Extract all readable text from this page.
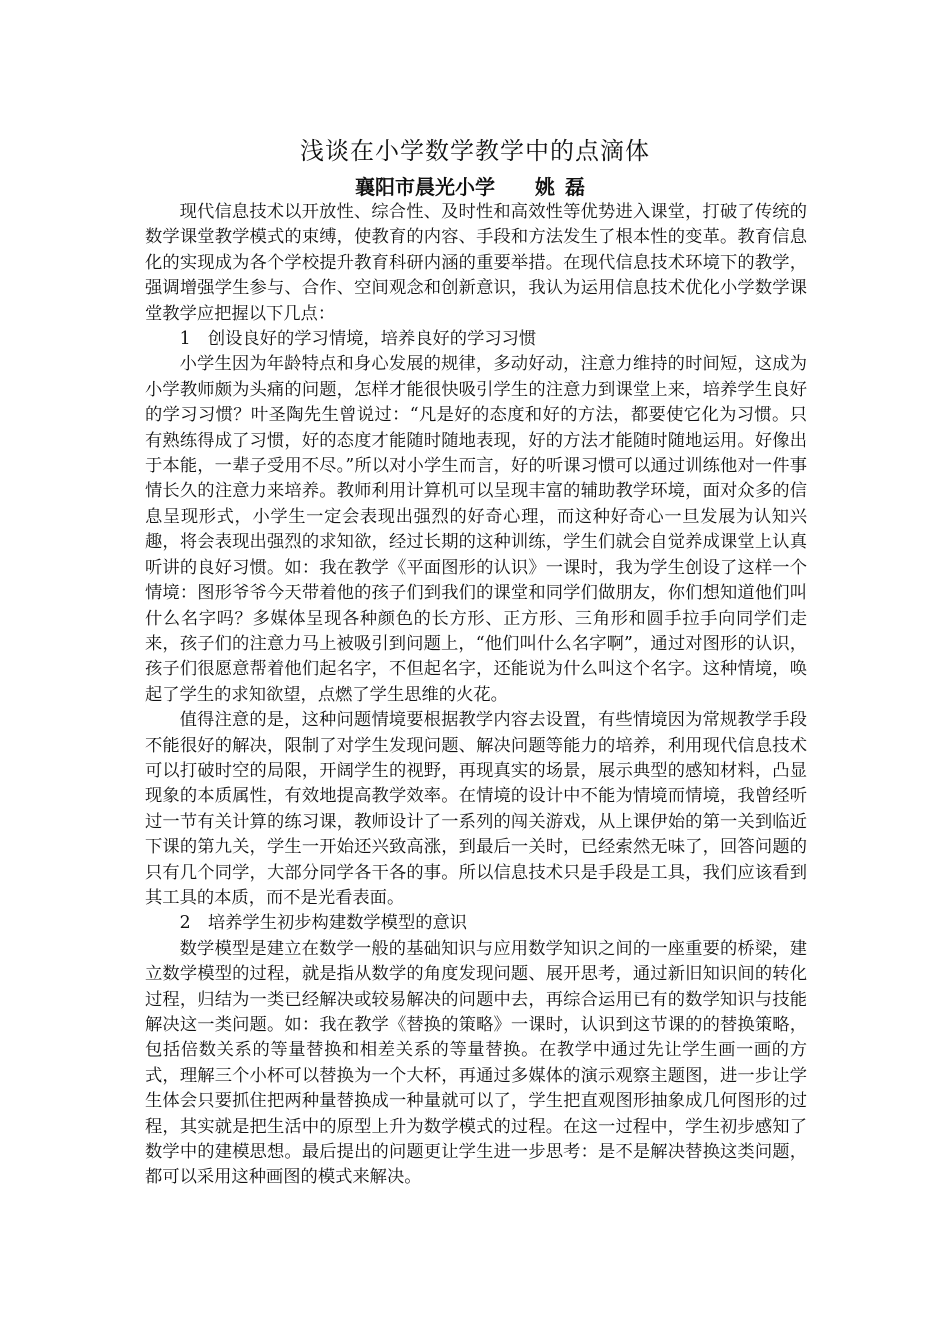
浅谈在小学数学教学中的点滴体
襄阳市晨光小学 姚磊

现代信息技术以开放性、综合性、及时性和高效性等优势进入课堂，打破了传统的数学课堂教学模式的束缚，使教育的内容、手段和方法发生了根本性的变革。教育信息化的实现成为各个学校提升教育科研内涵的重要举措。在现代信息技术环境下的教学，强调增强学生参与、合作、空间观念和创新意识，我认为运用信息技术优化小学数学课堂教学应把握以下几点：

1　创设良好的学习情境，培养良好的学习习惯

小学生因为年龄特点和身心发展的规律，多动好动，注意力维持的时间短，这成为小学教师颇为头痛的问题，怎样才能很快吸引学生的注意力到课堂上来，培养学生良好的学习习惯？叶圣陶先生曾说过：“凡是好的态度和好的方法，都要使它化为习惯。只有熟练得成了习惯，好的态度才能随时随地表现，好的方法才能随时随地运用。好像出于本能，一辈子受用不尽。”所以对小学生而言，好的听课习惯可以通过训练他对一件事情长久的注意力来培养。教师利用计算机可以呈现丰富的辅助教学环境，面对众多的信息呈现形式，小学生一定会表现出强烈的好奇心理，而这种好奇心一旦发展为认知兴趣，将会表现出强烈的求知欲，经过长期的这种训练，学生们就会自觉养成课堂上认真听讲的良好习惯。如：我在教学《平面图形的认识》一课时，我为学生创设了这样一个情境：图形爷爷今天带着他的孩子们到我们的课堂和同学们做朋友，你们想知道他们叫什么名字吗？多媒体呈现各种颜色的长方形、正方形、三角形和圆手拉手向同学们走来，孩子们的注意力马上被吸引到问题上，“他们叫什么名字啊”，通过对图形的认识，孩子们很愿意帮着他们起名字，不但起名字，还能说为什么叫这个名字。这种情境，唤起了学生的求知欲望，点燃了学生思维的火花。

值得注意的是，这种问题情境要根据教学内容去设置，有些情境因为常规教学手段不能很好的解决，限制了对学生发现问题、解决问题等能力的培养，利用现代信息技术可以打破时空的局限，开阔学生的视野，再现真实的场景，展示典型的感知材料，凸显现象的本质属性，有效地提高教学效率。在情境的设计中不能为情境而情境，我曾经听过一节有关计算的练习课，教师设计了一系列的闯关游戏，从上课伊始的第一关到临近下课的第九关，学生一开始还兴致高涨，到最后一关时，已经索然无味了，回答问题的只有几个同学，大部分同学各干各的事。所以信息技术只是手段是工具，我们应该看到其工具的本质，而不是光看表面。

2　培养学生初步构建数学模型的意识

数学模型是建立在数学一般的基础知识与应用数学知识之间的一座重要的桥梁，建立数学模型的过程，就是指从数学的角度发现问题、展开思考，通过新旧知识间的转化过程，归结为一类已经解决或较易解决的问题中去，再综合运用已有的数学知识与技能解决这一类问题。如：我在教学《替换的策略》一课时，认识到这节课的的替换策略，包括倍数关系的等量替换和相差关系的等量替换。在教学中通过先让学生画一画的方式，理解三个小杯可以替换为一个大杯，再通过多媒体的演示观察主题图，进一步让学生体会只要抓住把两种量替换成一种量就可以了，学生把直观图形抽象成几何图形的过程，其实就是把生活中的原型上升为数学模式的过程。在这一过程中，学生初步感知了数学中的建模思想。最后提出的问题更让学生进一步思考：是不是解决替换这类问题，都可以采用这种画图的模式来解决。
